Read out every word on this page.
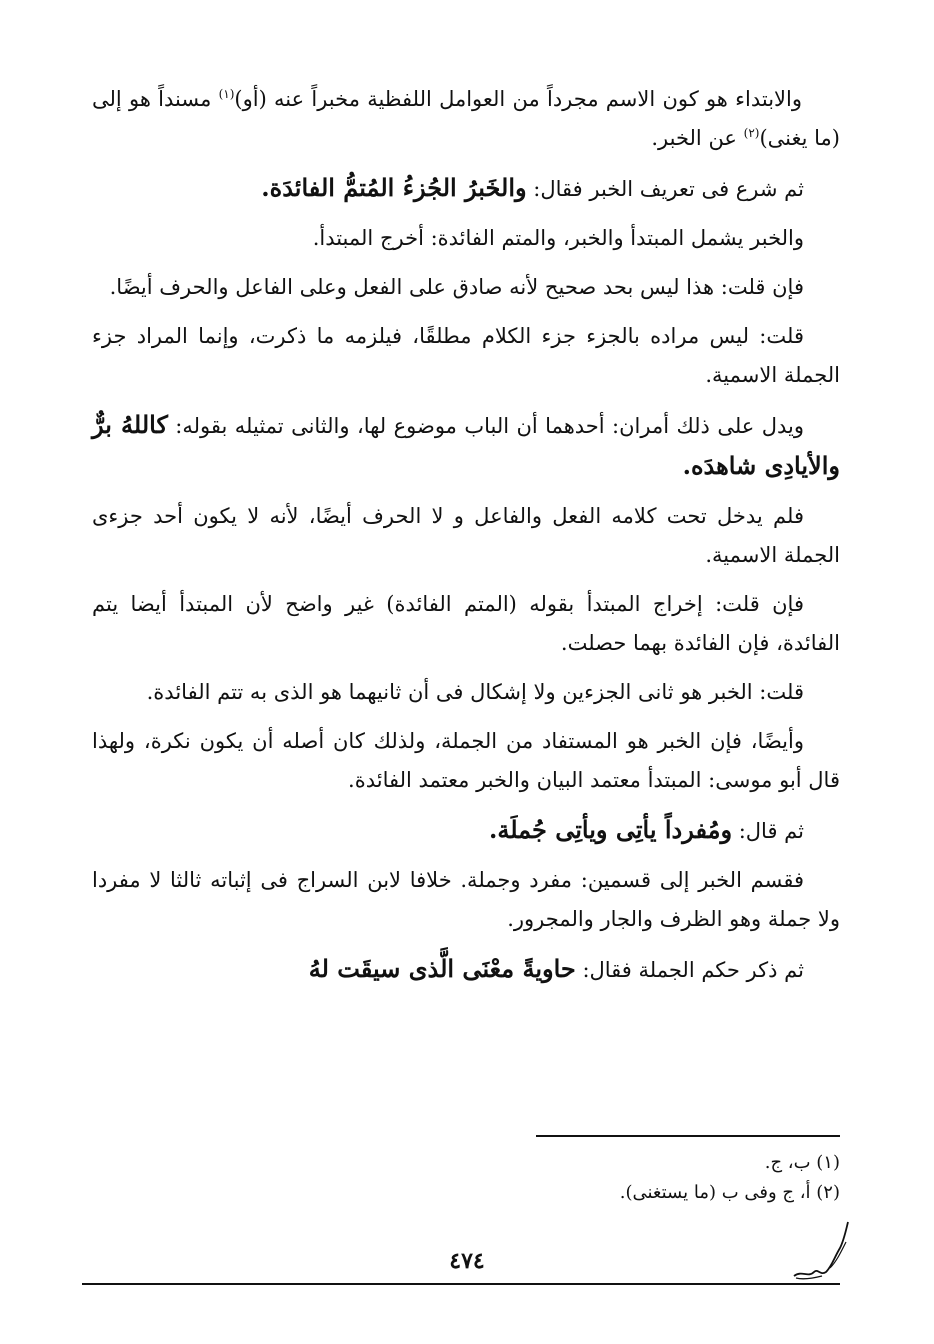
والابتداء هو كون الاسم مجرداً من العوامل اللفظية مخبراً عنه (أو)$^{(١)}$ مسنداً هو إلى (ما يغنى)$^{(٢)}$ عن الخبر.

ثم شرع فى تعريف الخبر فقال: والخَبرُ الجُزءُ المُتمُّ الفائدَة.

والخبر يشمل المبتدأ والخبر، والمتم الفائدة: أخرج المبتدأ.

فإن قلت: هذا ليس بحد صحيح لأنه صادق على الفعل وعلى الفاعل والحرف أيضًا.

قلت: ليس مراده بالجزء جزء الكلام مطلقًا، فيلزمه ما ذكرت، وإنما المراد جزء الجملة الاسمية.

ويدل على ذلك أمران: أحدهما أن الباب موضوع لها، والثانى تمثيله بقوله: كاللهُ برٌّ والأيادِى شاهدَه.

فلم يدخل تحت كلامه الفعل والفاعل و لا الحرف أيضًا، لأنه لا يكون أحد جزءى الجملة الاسمية.

فإن قلت: إخراج المبتدأ بقوله (المتم الفائدة) غير واضح لأن المبتدأ أيضا يتم الفائدة، فإن الفائدة بهما حصلت.

قلت: الخبر هو ثانى الجزءين ولا إشكال فى أن ثانيهما هو الذى به تتم الفائدة.

وأيضًا، فإن الخبر هو المستفاد من الجملة، ولذلك كان أصله أن يكون نكرة، ولهذا قال أبو موسى: المبتدأ معتمد البيان والخبر معتمد الفائدة.

ثم قال: ومُفرداً يأتِى ويأتِى جُملَة.

فقسم الخبر إلى قسمين: مفرد وجملة. خلافا لابن السراج فى إثباته ثالثا لا مفردا ولا جملة وهو الظرف والجار والمجرور.

ثم ذكر حكم الجملة فقال: حاويةً معْنَى الَّذى سيقَت لهُ

(١) ب، ج.

(٢) أ، ج وفى ب (ما يستغنى).

٤٧٤
